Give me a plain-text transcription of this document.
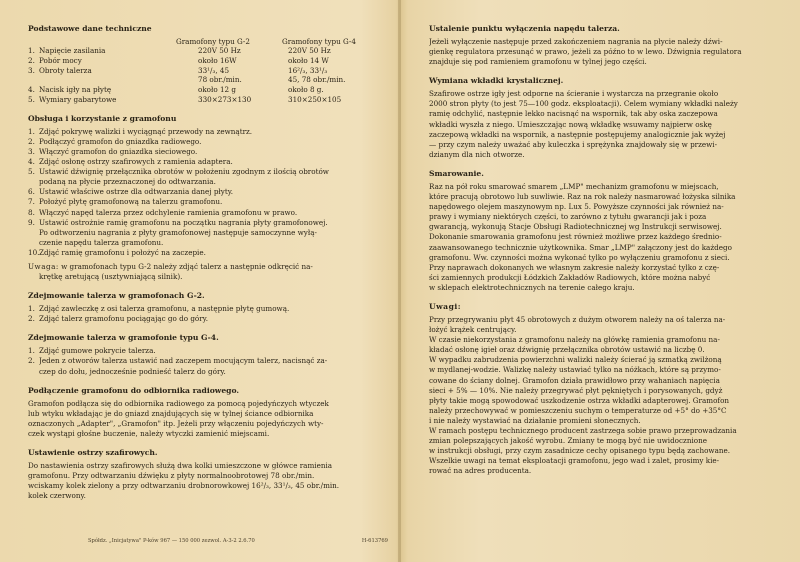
Podstawowe dane techniczne
Gramofony typu G-2	Gramofony typu G-4
1. Napięcie zasilania	220V 50 Hz	220V 50 Hz
2. Pobór mocy	około 16W	około 14 W
3. Obroty talerza	33¹/₃, 45	16²/₃, 33¹/₃
78 obr./min.	45, 78 obr./min.
4. Nacisk igły na płytę	około 12 g	około 8 g.
5. Wymiary gabarytowe	330×273×130	310×250×105
Obsługa i korzystanie z gramofonu
1. Zdjąć pokrywę walizki i wyciągnąć przewody na zewnątrz.
2. Podłączyć gramofon do gniazdka radiowego.
3. Włączyć gramofon do gniazdka sieciowego.
4. Zdjąć osłonę ostrzy szafirowych z ramienia adaptera.
5. Ustawić dźwignię przełącznika obrotów w położeniu zgodnym z ilością obrotów
podaną na płycie przeznaczonej do odtwarzania.
6. Ustawić właściwe ostrze dla odtwarzania danej płyty.
7. Położyć płytę gramofonową na talerzu gramofonu.
8. Włączyć napęd talerza przez odchylenie ramienia gramofonu w prawo.
9. Ustawić ostrożnie ramię gramofonu na początku nagrania płyty gramofonowej.
Po odtworzeniu nagrania z płyty gramofonowej następuje samoczynne wyłą-
czenie napędu talerza gramofonu.
10. Zdjąć ramię gramofonu i położyć na zaczepie.
Uwaga: w gramofonach typu G-2 należy zdjąć talerz a następnie odkręcić na-
krętkę aretującą (usztywniającą silnik).
Zdejmowanie talerza w gramofonach G-2.
1. Zdjąć zawleczkę z osi talerza gramofonu, a następnie płytę gumową.
2. Zdjąć talerz gramofonu pociągając go do góry.
Zdejmowanie talerza w gramofonie typu G-4.
1. Zdjąć gumowe pokrycie talerza.
2. Jeden z otworów talerza ustawić nad zaczepem mocującym talerz, nacisnąć za-
czep do dołu, jednocześnie podnieść talerz do góry.
Podłączenie gramofonu do odbiornika radiowego.
Gramofon podłącza się do odbiornika radiowego za pomocą pojedyńczych wtyczek
lub wtyku wkładając je do gniazd znajdujących się w tylnej ściance odbiornika
oznaczonych „Adapter", „Gramofon" itp. Jeżeli przy włączeniu pojedyńczych wty-
czek wystąpi głośne buczenie, należy wtyczki zamienić miejscami.
Ustawienie ostrzy szafirowych.
Do nastawienia ostrzy szafirowych służą dwa kolki umieszczone w główce ramienia
gramofonu. Przy odtwarzaniu dźwięku z płyty normalnoobrotowej 78 obr./min.
wciskamy kolek zielony a przy odtwarzaniu drobnorowkowej 16²/₃, 33¹/₃, 45 obr./min.
kolek czerwony.
Spółdz. „Inicjatywa" P-ków 967 — 150 000 zezwol. A-3-2 2.6.70	H-613769
Ustalenie punktu wyłączenia napędu talerza.
Jeżeli wyłączenie następuje przed zakończeniem nagrania na płycie należy dźwi-
gienkę regulatora przesunąć w prawo, jeżeli za późno to w lewo. Dźwignia regulatora
znajduje się pod ramieniem gramofonu w tylnej jego części.
Wymiana wkładki krystalicznej.
Szafirowe ostrze igły jest odporne na ścieranie i wystarcza na przegranie około
2000 stron płyty (to jest 75—100 godz. eksploatacji). Celem wymiany wkładki należy
ramię odchylić, następnie lekko nacisnąć na wspornik, tak aby oska zaczepowa
wkładki wyszła z niego. Umieszczając nową wkładkę wsuwamy najpierw oskę
zaczepową wkładki na wspornik, a następnie postępujemy analogicznie jak wyżej
— przy czym należy uważać aby kuleczka i sprężynka znajdowały się w przewi-
dzianym dla nich otworze.
Smarowanie.
Raz na pół roku smarować smarem „LMP" mechanizm gramofonu w miejscach,
które pracują obrotowo lub suwliwie. Raz na rok należy nasmarować łożyska silnika
napędowego olejem maszynowym np. Lux 5. Powyższe czynności jak również na-
prawy i wymiany niektórych części, to zarówno z tytułu gwarancji jak i poza
gwarancją, wykonują Stacje Obsługi Radiotechnicznej wg Instrukcji serwisowej.
Dokonanie smarowania gramofonu jest również możliwe przez każdego średnio-
zaawansowanego technicznie użytkownika. Smar „LMP" załączony jest do każdego
gramofonu. Ww. czynności można wykonać tylko po wyłączeniu gramofonu z sieci.
Przy naprawach dokonanych we własnym zakresie należy korzystać tylko z czę-
ści zamiennych produkcji Łódzkich Zakładów Radiowych, które można nabyć
w sklepach elektrotechnicznych na terenie całego kraju.
Uwagi:
Przy przegrywaniu płyt 45 obrotowych z dużym otworem należy na oś talerza na-
łożyć krążek centrujący.
W czasie niekorzystania z gramofonu należy na główkę ramienia gramofonu na-
kładać osłonę igieł oraz dźwignię przełącznika obrotów ustawić na liczbę 0.
W wypadku zabrudzenia powierzchni walizki należy ścierać ją szmatką zwilżoną
w mydlanej-wodzie. Walizkę należy ustawiać tylko na nóżkach, które są przymo-
cowane do ściany dolnej. Gramofon działa prawidłowo przy wahaniach napięcia
sieci + 5% — 10%. Nie należy przegrywać płyt pękniętych i porysowanych, gdyż
płyty takie mogą spowodować uszkodzenie ostrza wkładki adapterowej. Gramofon
należy przechowywać w pomieszczeniu suchym o temperaturze od +5° do +35°C
i nie należy wystawiać na działanie promieni słonecznych.
W ramach postępu technicznego producent zastrzega sobie prawo przeprowadzania
zmian polepszających jakość wyrobu. Zmiany te mogą być nie uwidocznione
w instrukcji obsługi, przy czym zasadnicze cechy opisanego typu będą zachowane.
Wszelkie uwagi na temat eksploatacji gramofonu, jego wad i zalet, prosimy kie-
rować na adres producenta.
